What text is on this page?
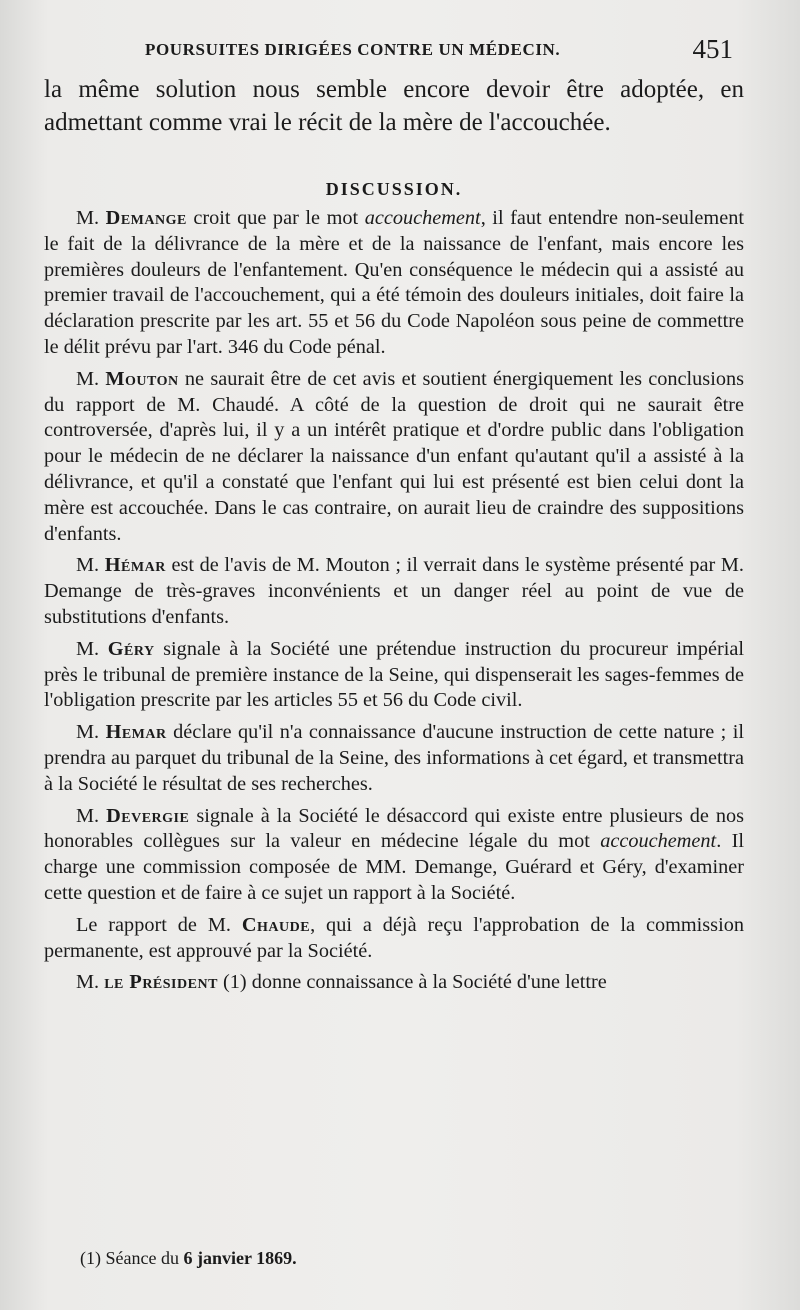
POURSUITES DIRIGÉES CONTRE UN MÉDECIN.	451

la même solution nous semble encore devoir être adoptée, en admettant comme vrai le récit de la mère de l'accouchée.

DISCUSSION.

M. Demange croit que par le mot accouchement, il faut entendre non-seulement le fait de la délivrance de la mère et de la naissance de l'enfant, mais encore les premières douleurs de l'enfantement. Qu'en conséquence le médecin qui a assisté au premier travail de l'accouchement, qui a été témoin des douleurs initiales, doit faire la déclaration prescrite par les art. 55 et 56 du Code Napoléon sous peine de commettre le délit prévu par l'art. 346 du Code pénal.

M. Mouton ne saurait être de cet avis et soutient énergiquement les conclusions du rapport de M. Chaudé. A côté de la question de droit qui ne saurait être controversée, d'après lui, il y a un intérêt pratique et d'ordre public dans l'obligation pour le médecin de ne déclarer la naissance d'un enfant qu'autant qu'il a assisté à la délivrance, et qu'il a constaté que l'enfant qui lui est présenté est bien celui dont la mère est accouchée. Dans le cas contraire, on aurait lieu de craindre des suppositions d'enfants.

M. Hémar est de l'avis de M. Mouton ; il verrait dans le système présenté par M. Demange de très-graves inconvénients et un danger réel au point de vue de substitutions d'enfants.

M. Géry signale à la Société une prétendue instruction du procureur impérial près le tribunal de première instance de la Seine, qui dispenserait les sages-femmes de l'obligation prescrite par les articles 55 et 56 du Code civil.

M. Hemar déclare qu'il n'a connaissance d'aucune instruction de cette nature ; il prendra au parquet du tribunal de la Seine, des informations à cet égard, et transmettra à la Société le résultat de ses recherches.

M. Devergie signale à la Société le désaccord qui existe entre plusieurs de nos honorables collègues sur la valeur en médecine légale du mot accouchement. Il charge une commission composée de MM. Demange, Guérard et Géry, d'examiner cette question et de faire à ce sujet un rapport à la Société.

Le rapport de M. Chaude, qui a déjà reçu l'approbation de la commission permanente, est approuvé par la Société.

M. le Président (1) donne connaissance à la Société d'une lettre

(1) Séance du 6 janvier 1869.
